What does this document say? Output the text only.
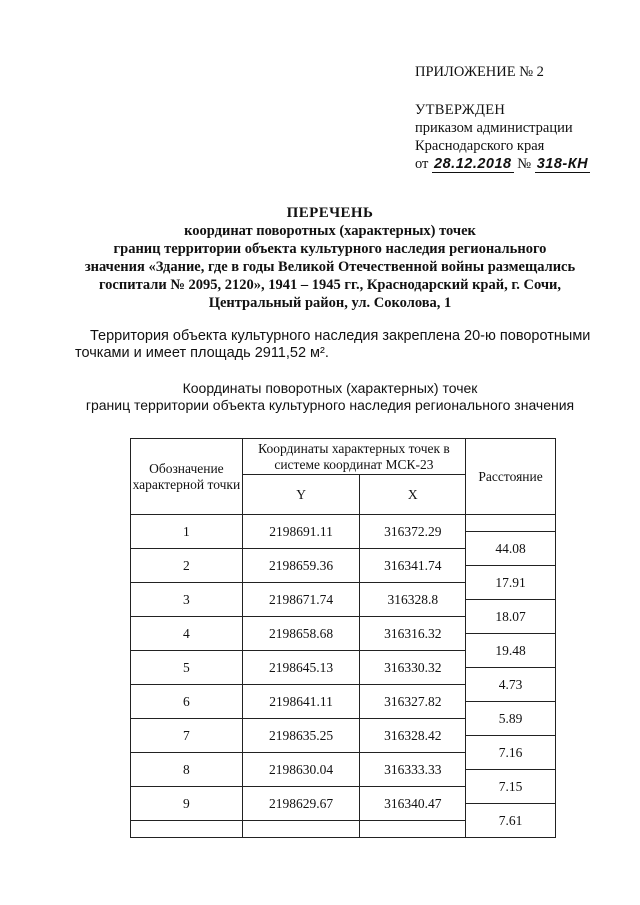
ПРИЛОЖЕНИЕ № 2
УТВЕРЖДЕН
приказом администрации
Краснодарского края
от 28.12.2018 № 318-КН
ПЕРЕЧЕНЬ
координат поворотных (характерных) точек
границ территории объекта культурного наследия регионального
значения «Здание, где в годы Великой Отечественной войны размещались
госпитали № 2095, 2120», 1941 – 1945 гг., Краснодарский край, г. Сочи,
Центральный район, ул. Соколова, 1
Территория объекта культурного наследия закреплена 20-ю поворотными
точками и имеет площадь 2911,52 м².
Координаты поворотных (характерных) точек
границ территории объекта культурного наследия регионального значения
Обозначение характерной точки	Координаты характерных точек в системе координат МСК-23		Расстояние
	Y	X	
1	2198691.11	316372.29	
			44.08
2	2198659.36	316341.74	
			17.91
3	2198671.74	316328.8	
			18.07
4	2198658.68	316316.32	
			19.48
5	2198645.13	316330.32	
			4.73
6	2198641.11	316327.82	
			5.89
7	2198635.25	316328.42	
			7.16
8	2198630.04	316333.33	
			7.15
9	2198629.67	316340.47	
			7.61
